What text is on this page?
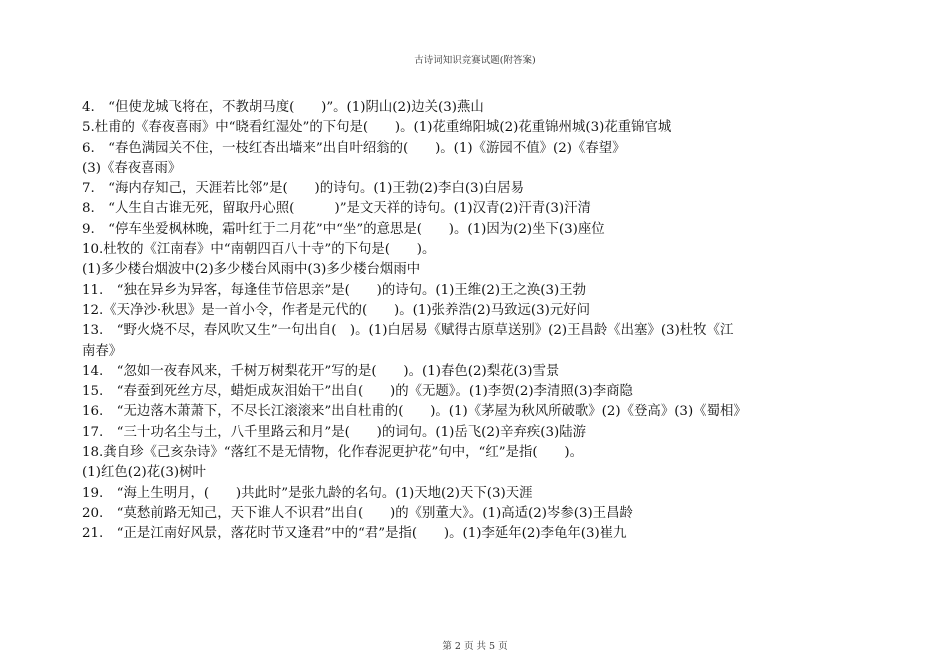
古诗词知识竞赛试题(附答案)
4.　“但使龙城飞将在，不教胡马度(　　)”。(1)阴山(2)边关(3)燕山
5.杜甫的《春夜喜雨》中“晓看红湿处”的下句是(　　)。(1)花重绵阳城(2)花重锦州城(3)花重锦官城
6.　“春色满园关不住，一枝红杏出墙来”出自叶绍翁的(　　)。(1)《游园不值》(2)《春望》
(3)《春夜喜雨》
7.　“海内存知己，天涯若比邻”是(　　)的诗句。(1)王勃(2)李白(3)白居易
8.　“人生自古谁无死，留取丹心照(　　　)”是文天祥的诗句。(1)汉青(2)汗青(3)汗清
9.　“停车坐爱枫林晚，霜叶红于二月花”中“坐”的意思是(　　)。(1)因为(2)坐下(3)座位
10.杜牧的《江南春》中“南朝四百八十寺”的下句是(　　)。
(1)多少楼台烟波中(2)多少楼台风雨中(3)多少楼台烟雨中
11.　“独在异乡为异客，每逢佳节倍思亲”是(　　)的诗句。(1)王维(2)王之涣(3)王勃
12.《天净沙·秋思》是一首小令，作者是元代的(　　)。(1)张养浩(2)马致远(3)元好问
13.　“野火烧不尽，春风吹又生”一句出自(　)。(1)白居易《赋得古原草送别》(2)王昌龄《出塞》(3)杜牧《江
南春》
14.　“忽如一夜春风来，千树万树梨花开”写的是(　　)。(1)春色(2)梨花(3)雪景
15.　“春蚕到死丝方尽，蜡炬成灰泪始干”出自(　　)的《无题》。(1)李贺(2)李清照(3)李商隐
16.　“无边落木萧萧下，不尽长江滚滚来”出自杜甫的(　　)。(1)《茅屋为秋风所破歌》(2)《登高》(3)《蜀相》
17.　“三十功名尘与土，八千里路云和月”是(　　)的词句。(1)岳飞(2)辛弃疾(3)陆游
18.龚自珍《己亥杂诗》“落红不是无情物，化作春泥更护花”句中，“红”是指(　　)。
(1)红色(2)花(3)树叶
19.　“海上生明月，(　　)共此时”是张九龄的名句。(1)天地(2)天下(3)天涯
20.　“莫愁前路无知己，天下谁人不识君”出自(　　)的《别董大》。(1)高适(2)岑参(3)王昌龄
21.　“正是江南好风景，落花时节又逢君”中的“君”是指(　　)。(1)李延年(2)李龟年(3)崔九
第 2 页 共 5 页
